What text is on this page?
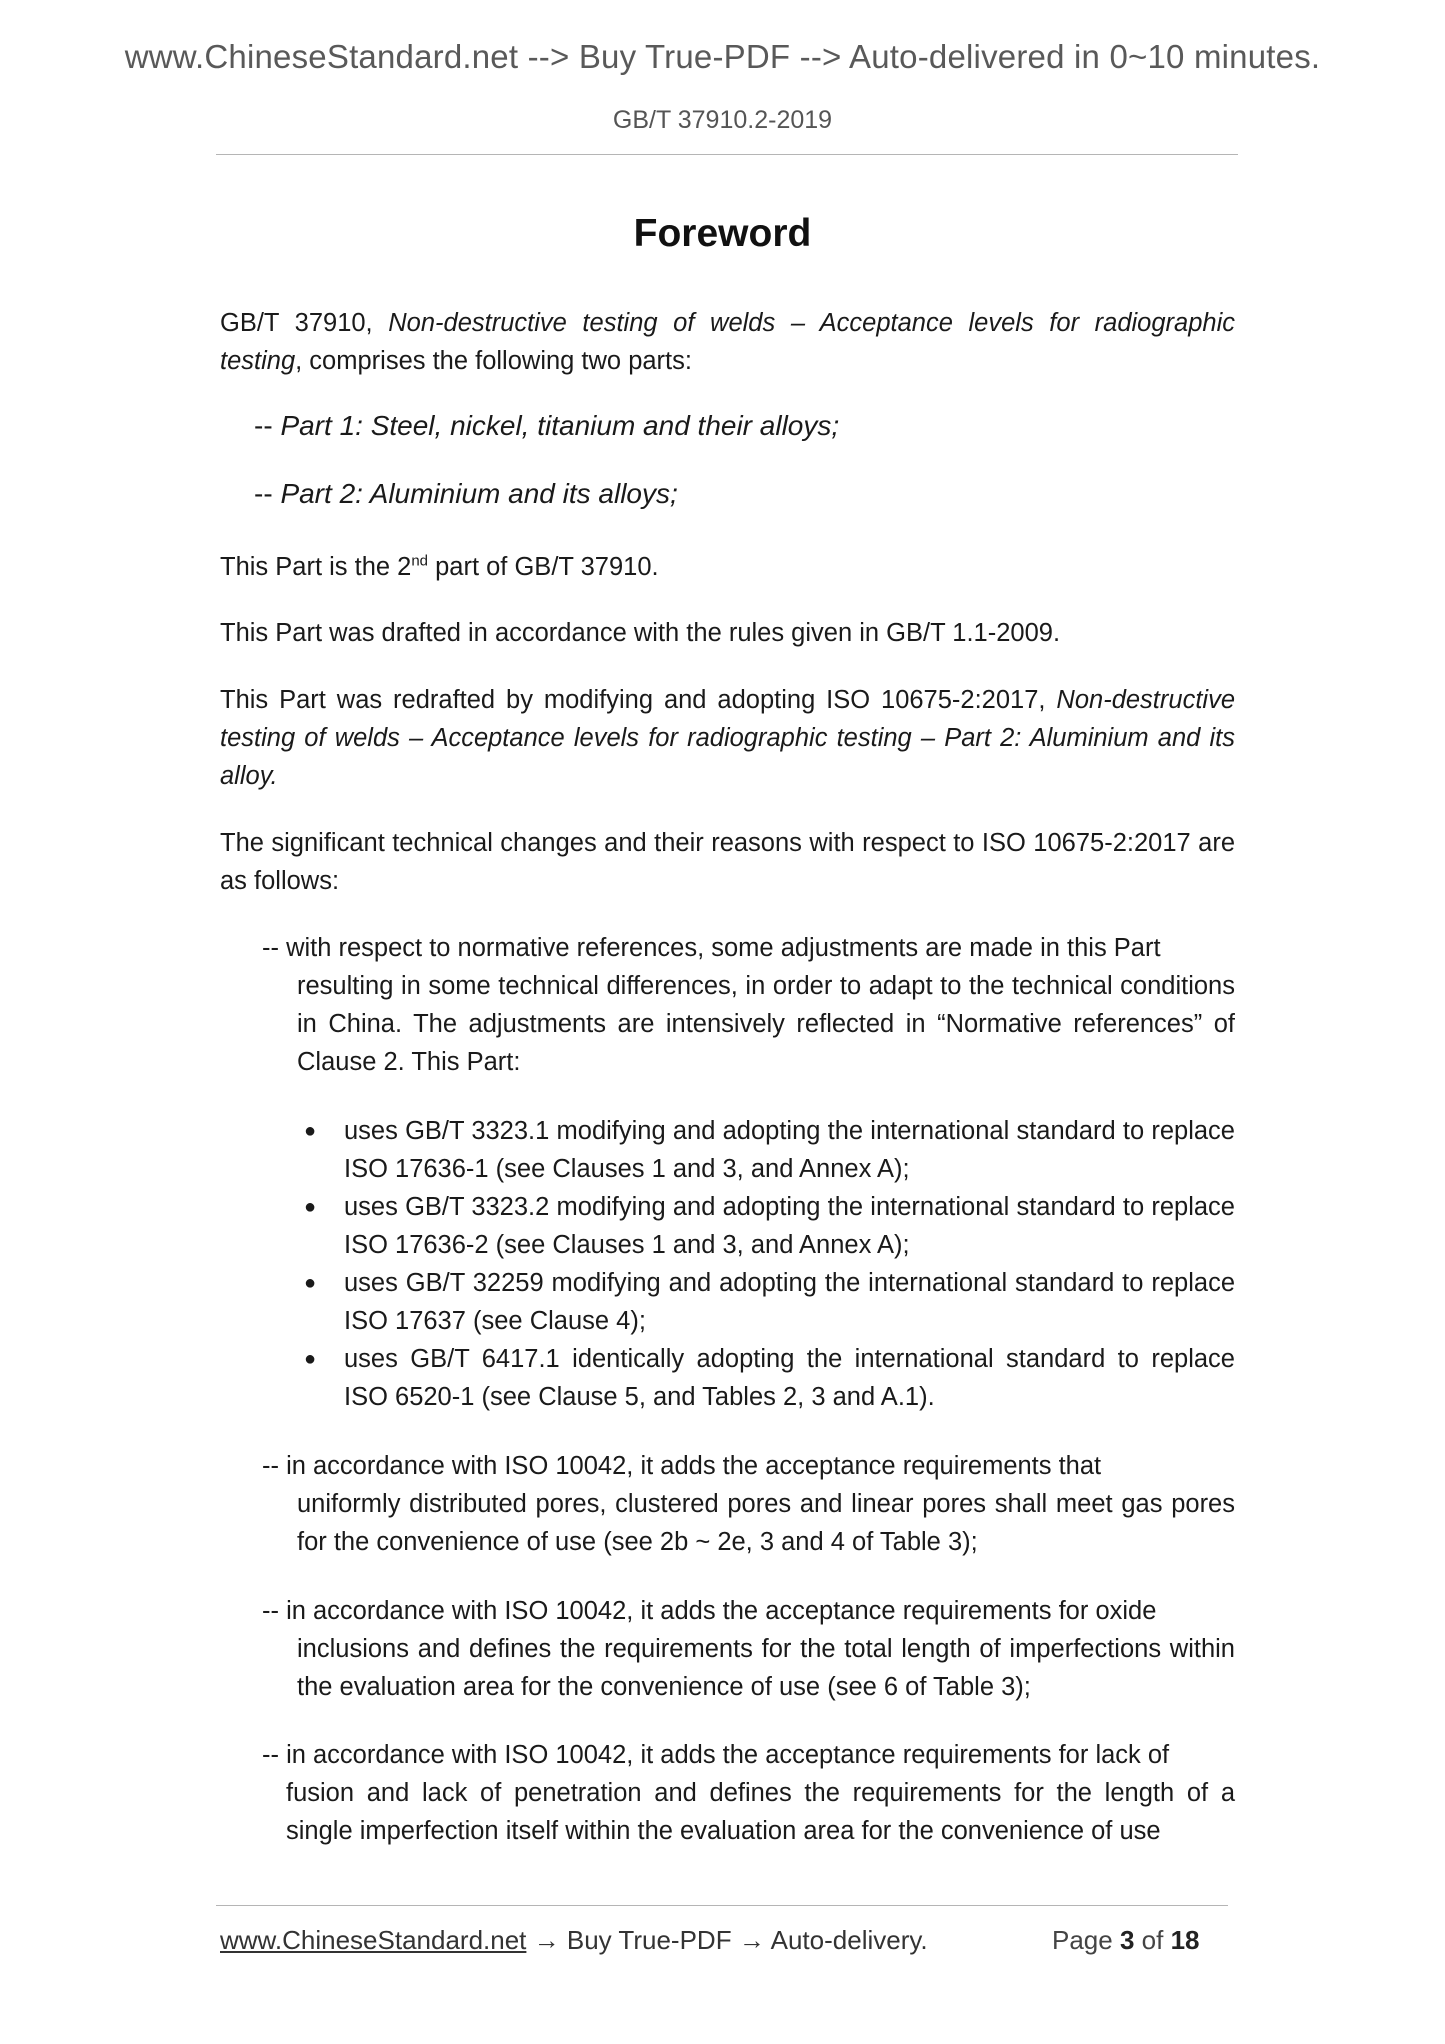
www.ChineseStandard.net --> Buy True-PDF --> Auto-delivered in 0~10 minutes.
GB/T 37910.2-2019
Foreword

GB/T 37910, Non-destructive testing of welds – Acceptance levels for radiographic testing, comprises the following two parts:

-- Part 1: Steel, nickel, titanium and their alloys;
-- Part 2: Aluminium and its alloys;

This Part is the 2nd part of GB/T 37910.

This Part was drafted in accordance with the rules given in GB/T 1.1-2009.

This Part was redrafted by modifying and adopting ISO 10675-2:2017, Non-destructive testing of welds – Acceptance levels for radiographic testing – Part 2: Aluminium and its alloy.

The significant technical changes and their reasons with respect to ISO 10675-2:2017 are as follows:

-- with respect to normative references, some adjustments are made in this Part
resulting in some technical differences, in order to adapt to the technical conditions in China. The adjustments are intensively reflected in “Normative references” of Clause 2. This Part:
● uses GB/T 3323.1 modifying and adopting the international standard to replace ISO 17636-1 (see Clauses 1 and 3, and Annex A);
● uses GB/T 3323.2 modifying and adopting the international standard to replace ISO 17636-2 (see Clauses 1 and 3, and Annex A);
● uses GB/T 32259 modifying and adopting the international standard to replace ISO 17637 (see Clause 4);
● uses GB/T 6417.1 identically adopting the international standard to replace ISO 6520-1 (see Clause 5, and Tables 2, 3 and A.1).
-- in accordance with ISO 10042, it adds the acceptance requirements that
uniformly distributed pores, clustered pores and linear pores shall meet gas pores for the convenience of use (see 2b ~ 2e, 3 and 4 of Table 3);
-- in accordance with ISO 10042, it adds the acceptance requirements for oxide
inclusions and defines the requirements for the total length of imperfections within the evaluation area for the convenience of use (see 6 of Table 3);
-- in accordance with ISO 10042, it adds the acceptance requirements for lack of
fusion and lack of penetration and defines the requirements for the length of a single imperfection itself within the evaluation area for the convenience of use
www.ChineseStandard.net → Buy True-PDF → Auto-delivery.	Page 3 of 18
